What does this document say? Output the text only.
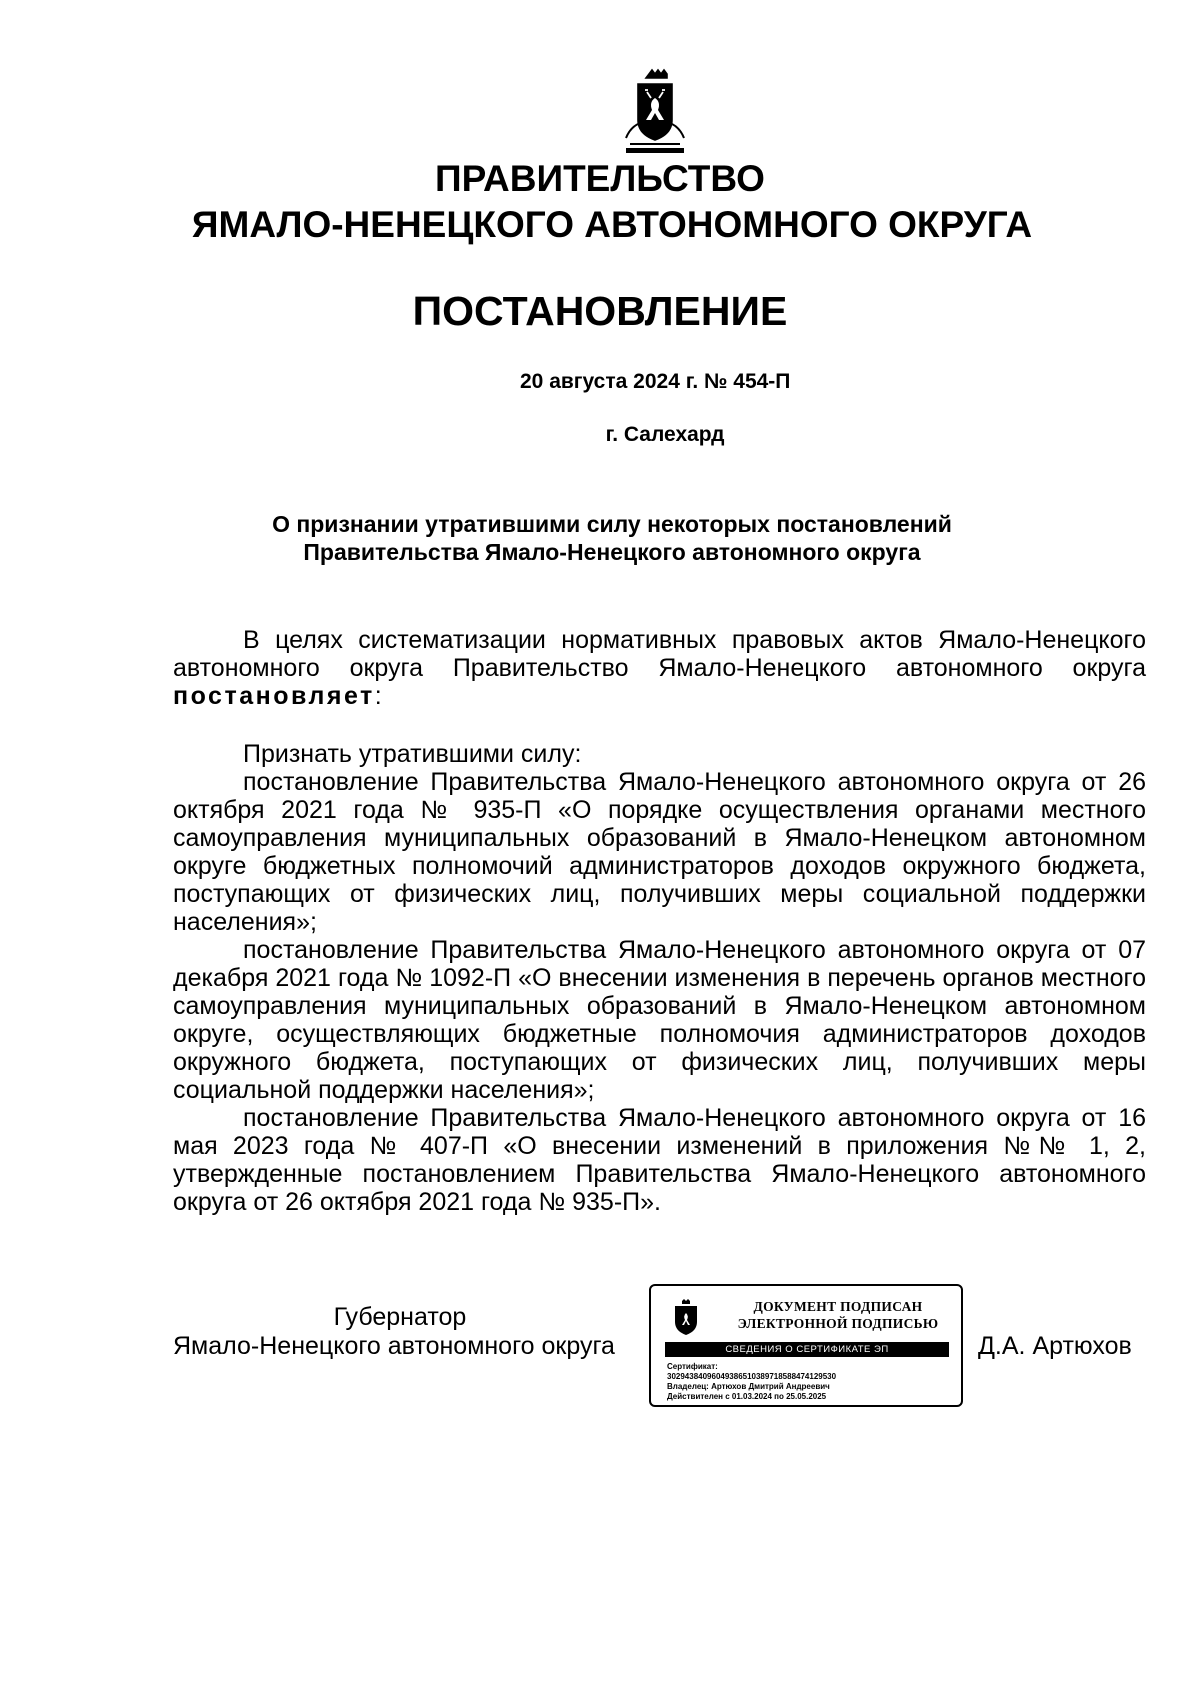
ПРАВИТЕЛЬСТВО
ЯМАЛО-НЕНЕЦКОГО АВТОНОМНОГО ОКРУГА
ПОСТАНОВЛЕНИЕ
20 августа 2024 г. № 454-П
г. Салехард
О признании утратившими силу некоторых постановлений
Правительства Ямало-Ненецкого автономного округа
В целях систематизации нормативных правовых актов Ямало-Ненецкого
автономного округа Правительство Ямало-Ненецкого автономного округа
постановляет:
Признать утратившими силу:
постановление Правительства Ямало-Ненецкого автономного округа от 26 октября 2021 года № 935-П «О порядке осуществления органами местного самоуправления муниципальных образований в Ямало-Ненецком автономном округе бюджетных полномочий администраторов доходов окружного бюджета, поступающих от физических лиц, получивших меры социальной поддержки населения»;
постановление Правительства Ямало-Ненецкого автономного округа от 07 декабря 2021 года № 1092-П «О внесении изменения в перечень органов местного самоуправления муниципальных образований в Ямало-Ненецком автономном округе, осуществляющих бюджетные полномочия администраторов доходов окружного бюджета, поступающих от физических лиц, получивших меры социальной поддержки населения»;
постановление Правительства Ямало-Ненецкого автономного округа от 16 мая 2023 года № 407-П «О внесении изменений в приложения №№ 1, 2, утвержденные постановлением Правительства Ямало-Ненецкого автономного округа от 26 октября 2021 года № 935-П».
Губернатор
Ямало-Ненецкого автономного округа	Д.А. Артюхов
ДОКУМЕНТ ПОДПИСАН
ЭЛЕКТРОННОЙ ПОДПИСЬЮ
СВЕДЕНИЯ О СЕРТИФИКАТЕ ЭП
Сертификат:
302943840960493865103897185884741295​30
Владелец: Артюхов Дмитрий Андреевич
Действителен с 01.03.2024 по 25.05.2025
